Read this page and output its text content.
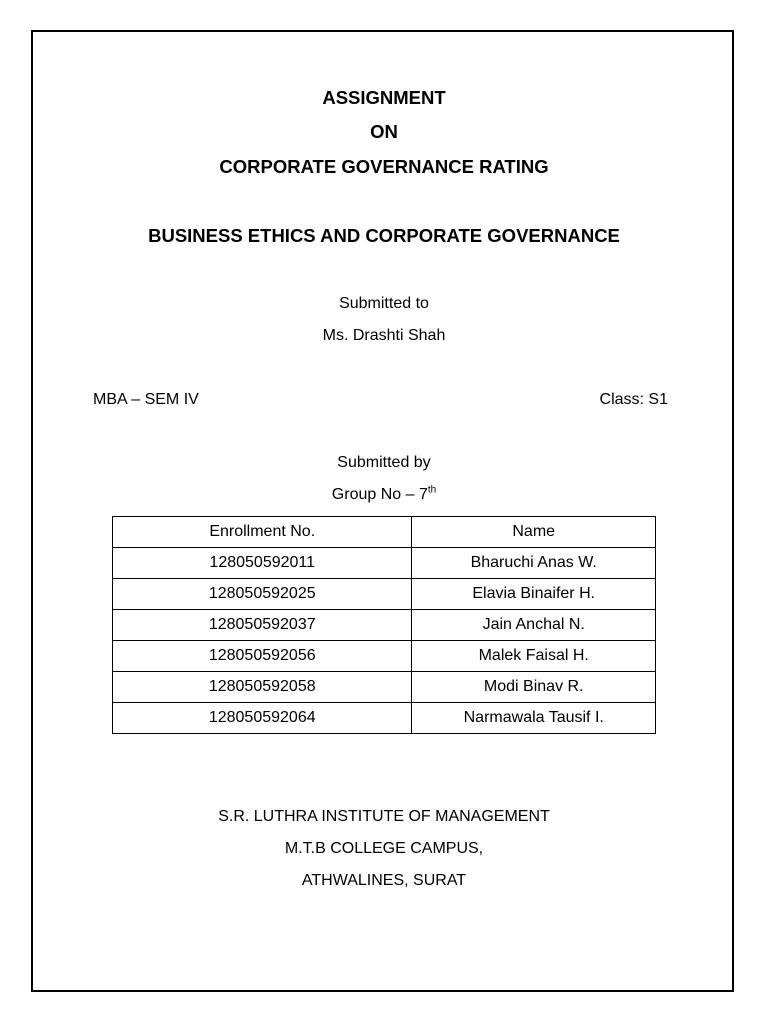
ASSIGNMENT
ON
CORPORATE GOVERNANCE RATING
BUSINESS ETHICS AND CORPORATE GOVERNANCE
Submitted to
Ms. Drashti Shah
MBA – SEM IV	Class: S1
Submitted by
Group No – 7th
Enrollment No.	Name
128050592011	Bharuchi Anas W.
128050592025	Elavia Binaifer H.
128050592037	Jain Anchal N.
128050592056	Malek Faisal H.
128050592058	Modi Binav R.
128050592064	Narmawala Tausif I.
S.R. LUTHRA INSTITUTE OF MANAGEMENT
M.T.B COLLEGE CAMPUS,
ATHWALINES, SURAT
